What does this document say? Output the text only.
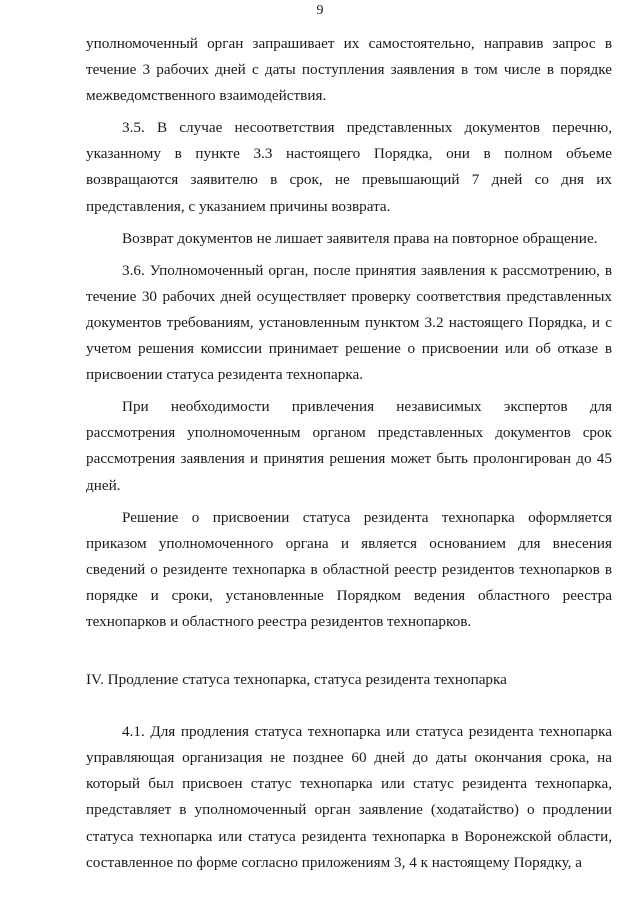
9

уполномоченный орган запрашивает их самостоятельно, направив запрос в течение 3 рабочих дней с даты поступления заявления в том числе в порядке межведомственного взаимодействия.

3.5. В случае несоответствия представленных документов перечню, указанному в пункте 3.3 настоящего Порядка, они в полном объеме возвращаются заявителю в срок, не превышающий 7 дней со дня их представления, с указанием причины возврата.

Возврат документов не лишает заявителя права на повторное обращение.

3.6. Уполномоченный орган, после принятия заявления к рассмотрению, в течение 30 рабочих дней осуществляет проверку соответствия представленных документов требованиям, установленным пунктом 3.2 настоящего Порядка, и с учетом решения комиссии принимает решение о присвоении или об отказе в присвоении статуса резидента технопарка.

При необходимости привлечения независимых экспертов для рассмотрения уполномоченным органом представленных документов срок рассмотрения заявления и принятия решения может быть пролонгирован до 45 дней.

Решение о присвоении статуса резидента технопарка оформляется приказом уполномоченного органа и является основанием для внесения сведений о резиденте технопарка в областной реестр резидентов технопарков в порядке и сроки, установленные Порядком ведения областного реестра технопарков и областного реестра резидентов технопарков.

IV. Продление статуса технопарка, статуса резидента технопарка

4.1. Для продления статуса технопарка или статуса резидента технопарка управляющая организация не позднее 60 дней до даты окончания срока, на который был присвоен статус технопарка или статус резидента технопарка, представляет в уполномоченный орган заявление (ходатайство) о продлении статуса технопарка или статуса резидента технопарка в Воронежской области, составленное по форме согласно приложениям 3, 4 к настоящему Порядку, а
